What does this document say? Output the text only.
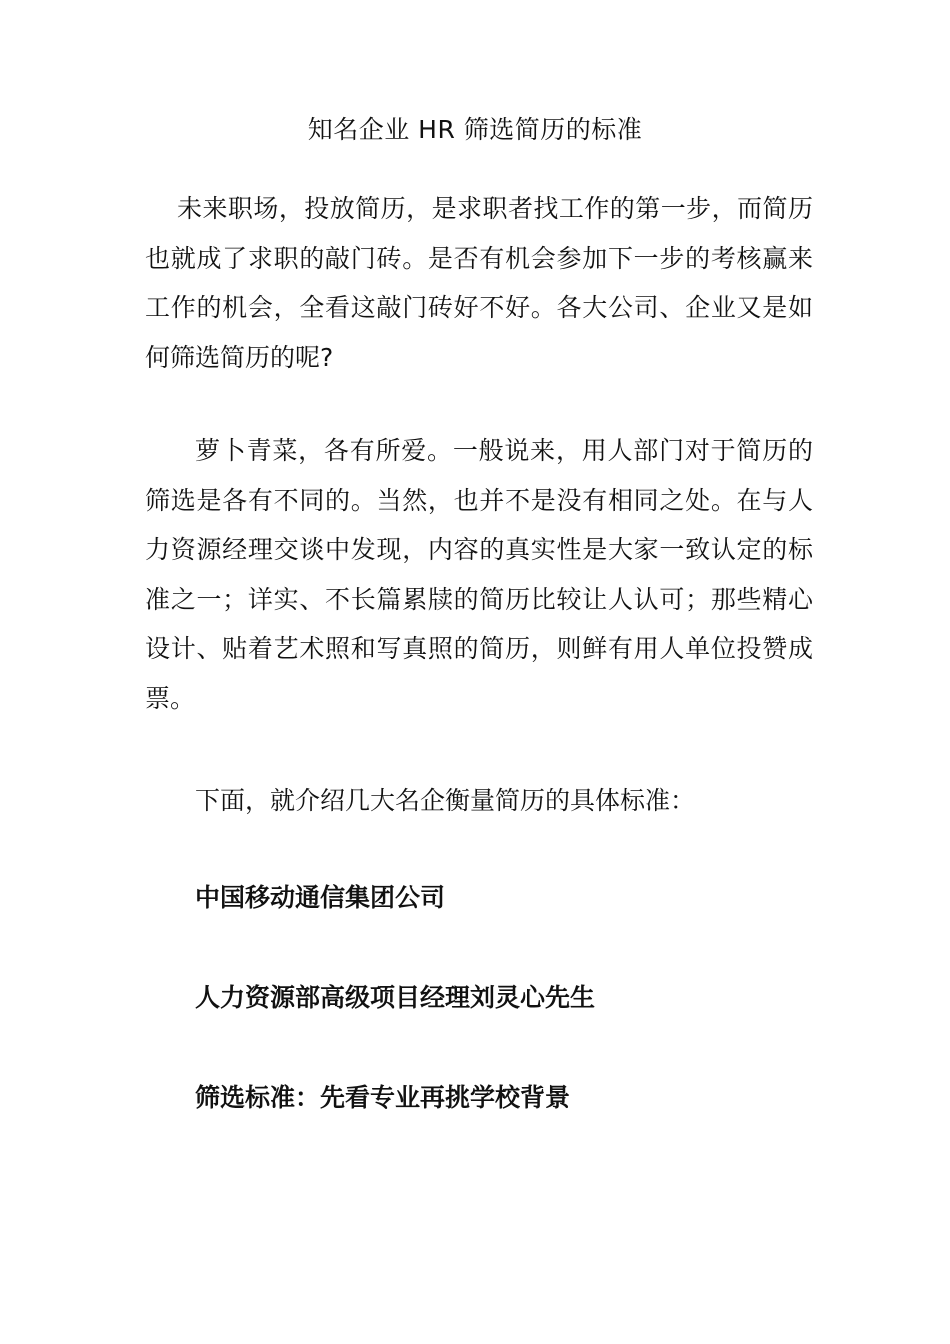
知名企业 HR 筛选简历的标准

未来职场，投放简历，是求职者找工作的第一步，而简历也就成了求职的敲门砖。是否有机会参加下一步的考核赢来工作的机会，全看这敲门砖好不好。各大公司、企业又是如何筛选简历的呢?

萝卜青菜，各有所爱。一般说来，用人部门对于简历的筛选是各有不同的。当然，也并不是没有相同之处。在与人力资源经理交谈中发现，内容的真实性是大家一致认定的标准之一；详实、不长篇累牍的简历比较让人认可；那些精心设计、贴着艺术照和写真照的简历，则鲜有用人单位投赞成票。

下面，就介绍几大名企衡量简历的具体标准：

中国移动通信集团公司

人力资源部高级项目经理刘灵心先生

筛选标准：先看专业再挑学校背景
